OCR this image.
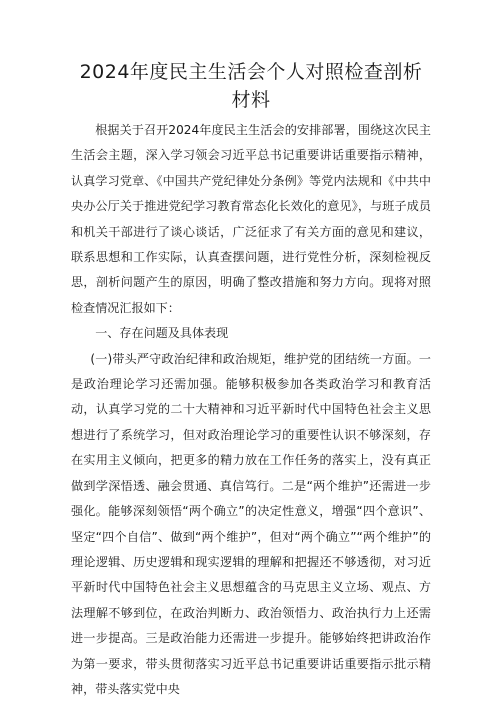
2024年度民主生活会个人对照检查剖析
材料

根据关于召开2024年度民主生活会的安排部署，围绕这次民主生活会主题，深入学习领会习近平总书记重要讲话重要指示精神，认真学习党章、《中国共产党纪律处分条例》等党内法规和《中共中央办公厅关于推进党纪学习教育常态化长效化的意见》，与班子成员和机关干部进行了谈心谈话，广泛征求了有关方面的意见和建议，联系思想和工作实际，认真查摆问题，进行党性分析，深刻检视反思，剖析问题产生的原因，明确了整改措施和努力方向。现将对照检查情况汇报如下：

一、存在问题及具体表现

(一)带头严守政治纪律和政治规矩，维护党的团结统一方面。一是政治理论学习还需加强。能够积极参加各类政治学习和教育活动，认真学习党的二十大精神和习近平新时代中国特色社会主义思想进行了系统学习，但对政治理论学习的重要性认识不够深刻，存在实用主义倾向，把更多的精力放在工作任务的落实上，没有真正做到学深悟透、融会贯通、真信笃行。二是“两个维护”还需进一步强化。能够深刻领悟“两个确立”的决定性意义，增强“四个意识”、坚定“四个自信”、做到“两个维护”，但对“两个确立”“两个维护”的理论逻辑、历史逻辑和现实逻辑的理解和把握还不够透彻，对习近平新时代中国特色社会主义思想蕴含的马克思主义立场、观点、方法理解不够到位，在政治判断力、政治领悟力、政治执行力上还需进一步提高。三是政治能力还需进一步提升。能够始终把讲政治作为第一要求，带头贯彻落实习近平总书记重要讲话重要指示批示精神，带头落实党中央
